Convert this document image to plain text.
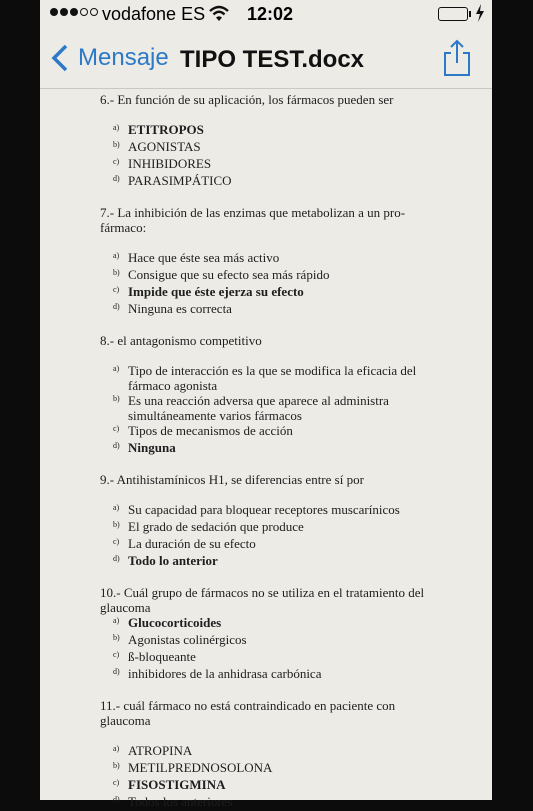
vodafone ES 12:02
Mensaje TIPO TEST.docx

6.- En función de su aplicación, los fármacos pueden ser

a) ETITROPOS
b) AGONISTAS
c) INHIBIDORES
d) PARASIMPÁTICO

7.- La inhibición de las enzimas que metabolizan a un pro-
fármaco:

a) Hace que éste sea más activo
b) Consigue que su efecto sea más rápido
c) Impide que éste ejerza su efecto
d) Ninguna es correcta

8.- el antagonismo competitivo

a) Tipo de interacción es la que se modifica la eficacia del
fármaco agonista
b) Es una reacción adversa que aparece al administra
simultáneamente varios fármacos
c) Tipos de mecanismos de acción
d) Ninguna

9.- Antihistamínicos H1, se diferencias entre sí por

a) Su capacidad para bloquear receptores muscarínicos
b) El grado de sedación que produce
c) La duración de su efecto
d) Todo lo anterior

10.- Cuál grupo de fármacos no se utiliza en el tratamiento del
glaucoma

a) Glucocorticoides
b) Agonistas colinérgicos
c) ß-bloqueante
d) inhibidores de la anhidrasa carbónica

11.- cuál fármaco no está contraindicado en paciente con
glaucoma

a) ATROPINA
b) METILPREDNOSOLONA
c) FISOSTIGMINA
d) Todos los anteriores
